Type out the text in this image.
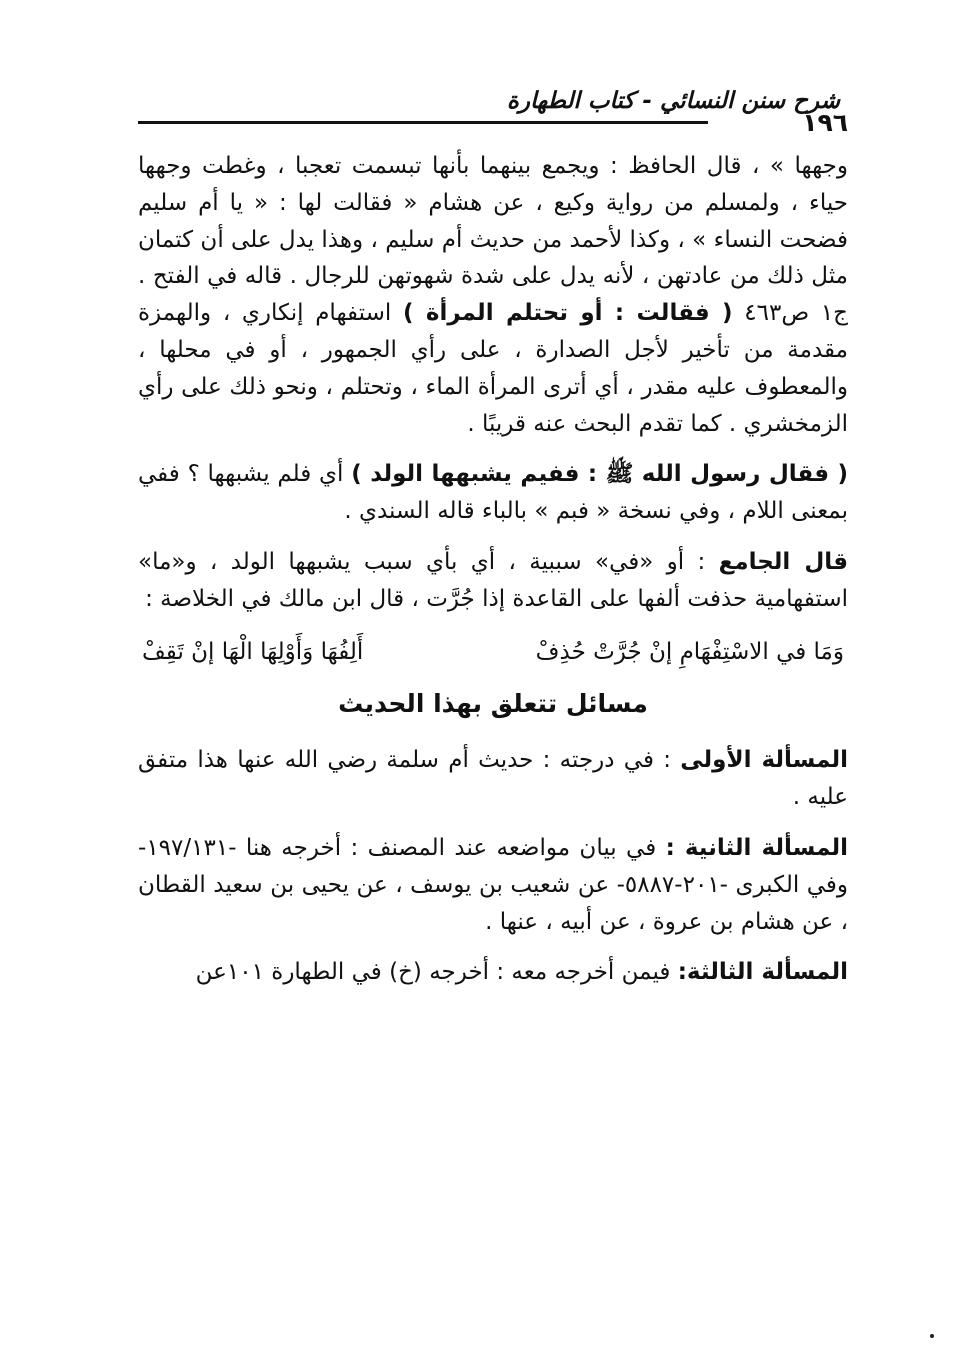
شرح سنن النسائي - كتاب الطهارة
١٩٦

وجهها » ، قال الحافظ : ويجمع بينهما بأنها تبسمت تعجبا ، وغطت وجهها حياء ، ولمسلم من رواية وكيع ، عن هشام « فقالت لها : « يا أم سليم فضحت النساء » ، وكذا لأحمد من حديث أم سليم ، وهذا يدل على أن كتمان مثل ذلك من عادتهن ، لأنه يدل على شدة شهوتهن للرجال . قاله في الفتح . ج١ ص٤٦٣ ( فقالت : أو تحتلم المرأة ) استفهام إنكاري ، والهمزة مقدمة من تأخير لأجل الصدارة ، على رأي الجمهور ، أو في محلها ، والمعطوف عليه مقدر ، أي أترى المرأة الماء ، وتحتلم ، ونحو ذلك على رأي الزمخشري . كما تقدم البحث عنه قريبًا .

( فقال رسول الله ﷺ : ففيم يشبهها الولد ) أي فلم يشبهها ؟ ففي بمعنى اللام ، وفي نسخة « فبم » بالباء قاله السندي .

قال الجامع : أو «في» سببية ، أي بأي سبب يشبهها الولد ، و«ما» استفهامية حذفت ألفها على القاعدة إذا جُرَّت ، قال ابن مالك في الخلاصة :

وَمَا في الاسْتِفْهَامِ إنْ جُرَّتْ حُذِفْ
أَلِفُهَا وَأَوْلِهَا الْهَا إنْ تَقِفْ
مسائل تتعلق بهذا الحديث

المسألة الأولى : في درجته : حديث أم سلمة رضي الله عنها هذا متفق عليه .

المسألة الثانية : في بيان مواضعه عند المصنف : أخرجه هنا -١٩٧/١٣١- وفي الكبرى -٢٠١-٥٨٨٧- عن شعيب بن يوسف ، عن يحيى بن سعيد القطان ، عن هشام بن عروة ، عن أبيه ، عنها .

المسألة الثالثة: فيمن أخرجه معه : أخرجه (خ) في الطهارة ١٠١عن
